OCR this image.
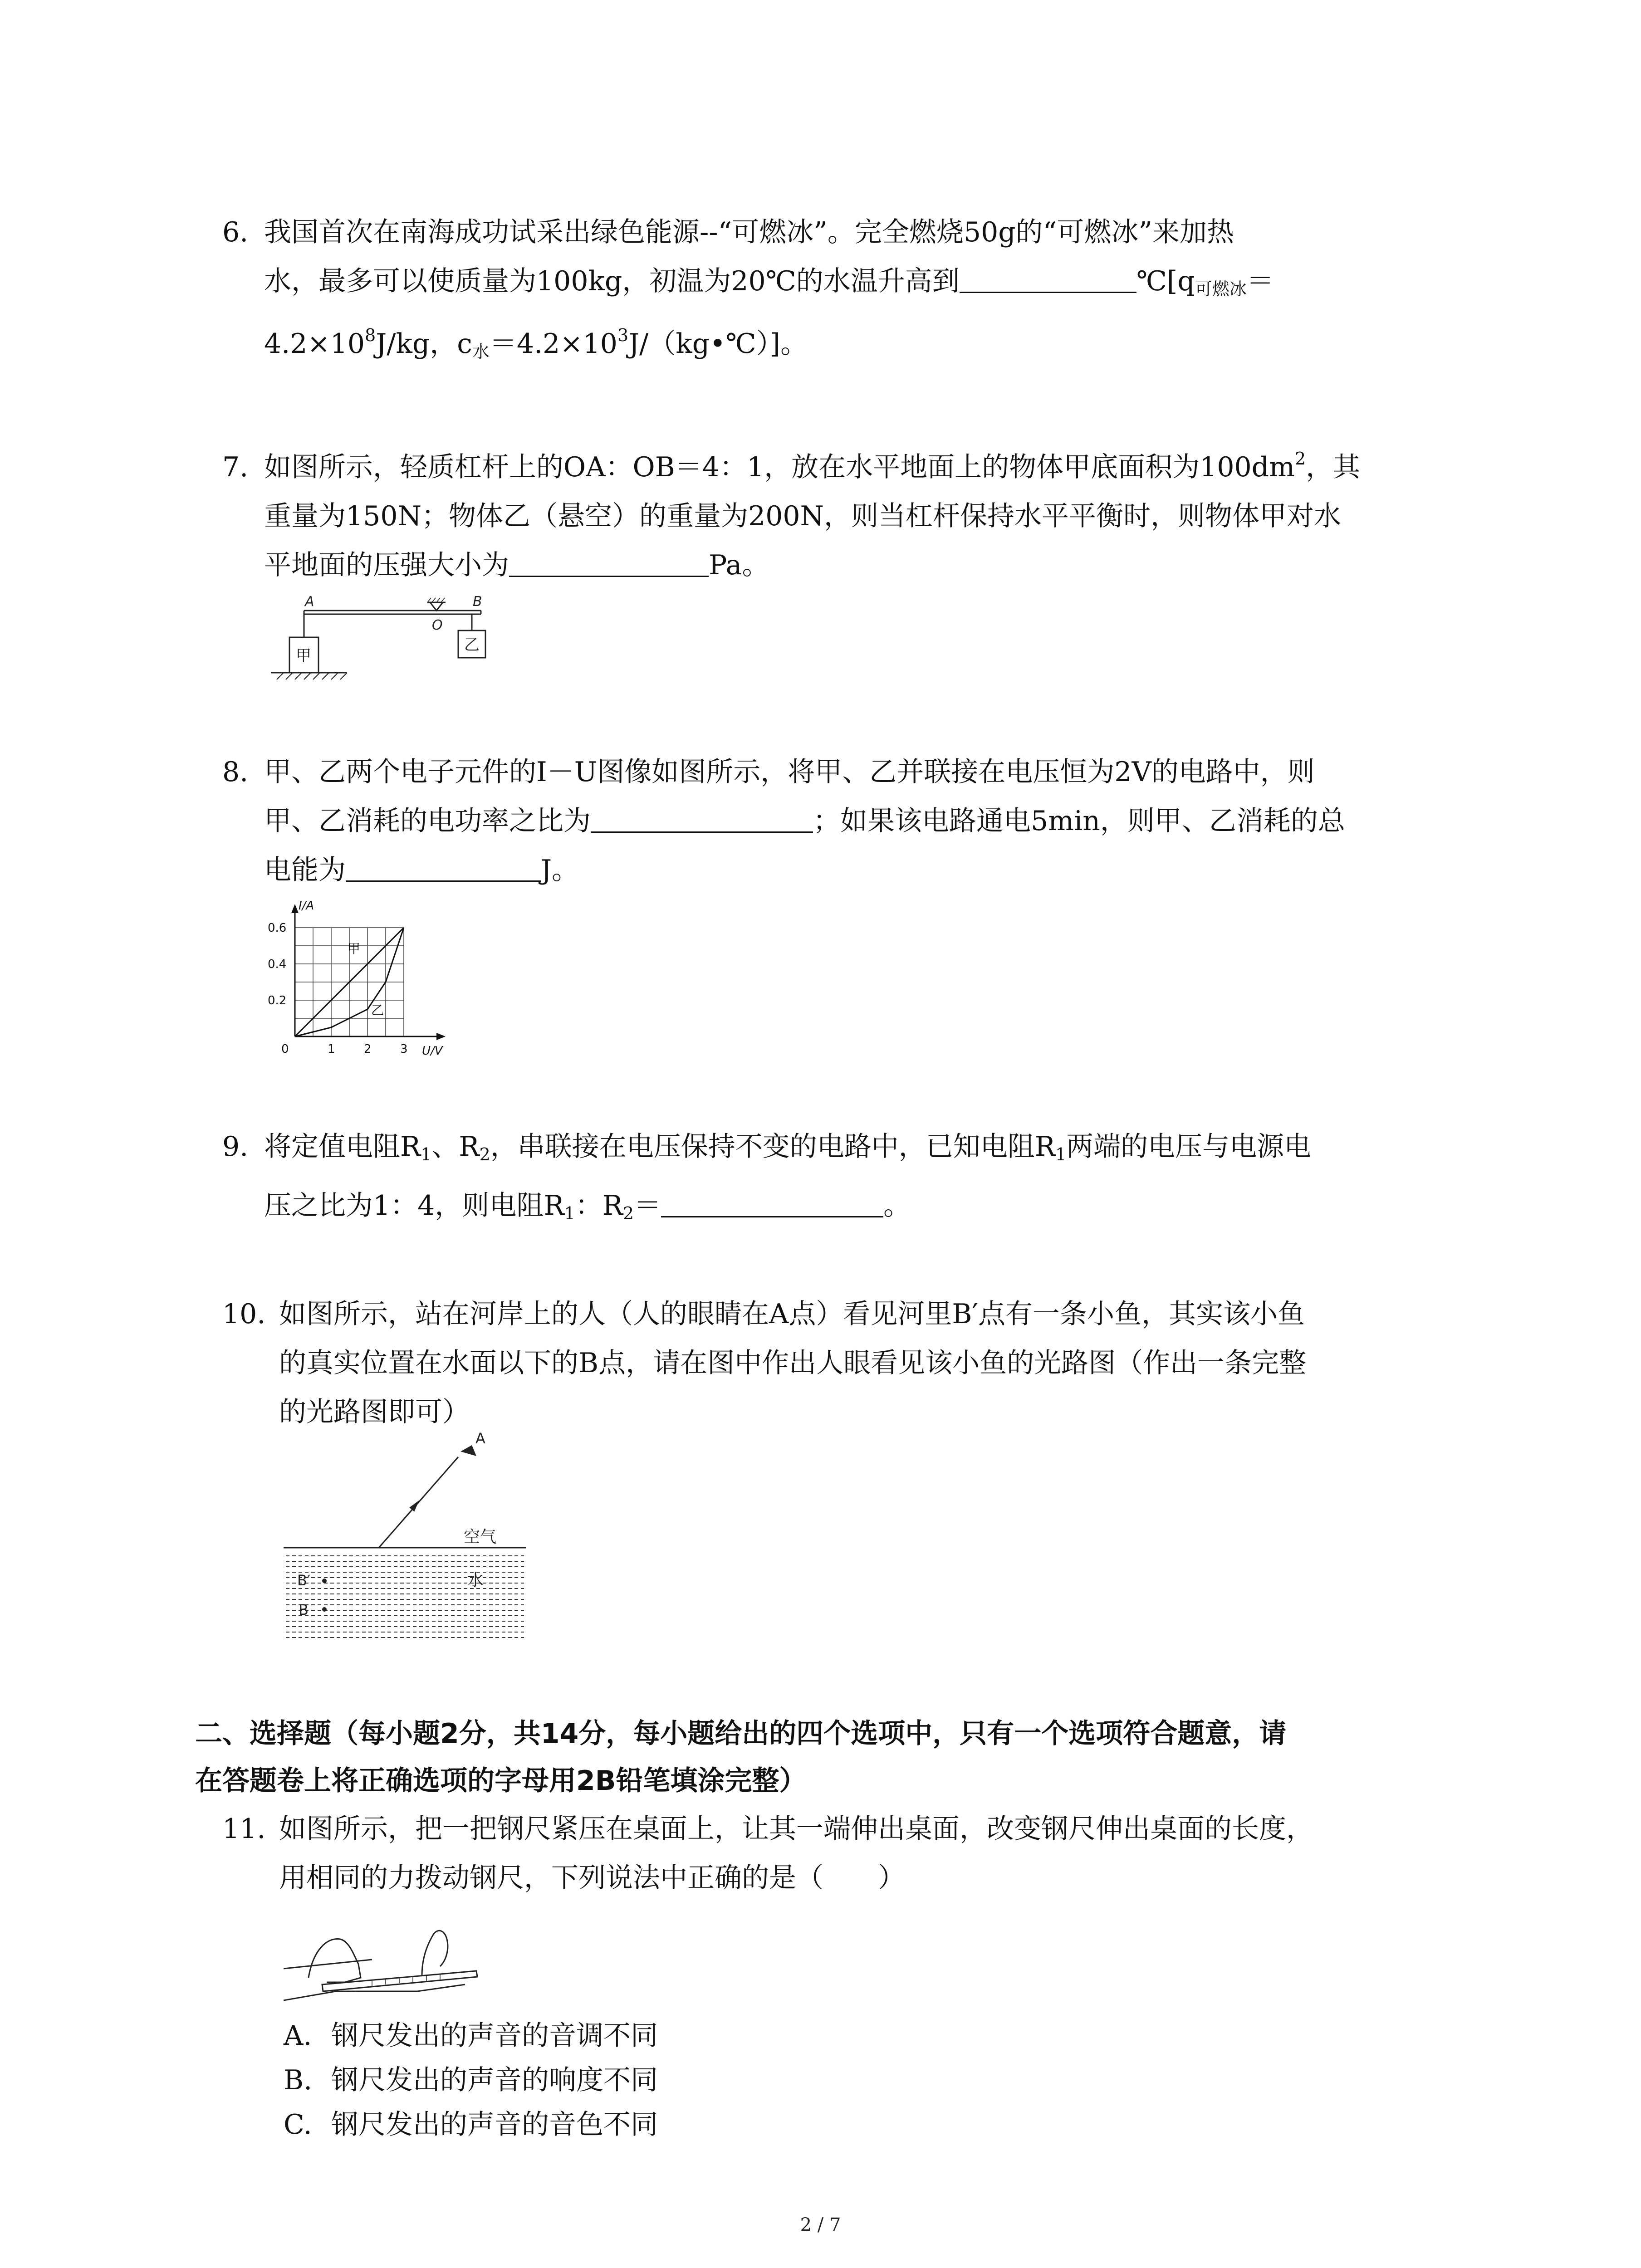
6. 我国首次在南海成功试采出绿色能源--“可燃冰”。完全燃烧50g的“可燃冰”来加热
水，最多可以使质量为100kg，初温为20℃的水温升高到	$℃[q_{可燃冰}=$
$4.2\times 10^8J/kg$，$c_水=4.2\times 10^3J/(kg•℃)$]。
7. 如图所示，轻质杠杆上的OA：OB＝4：1，放在水平地面上的物体甲底面积为$100dm^2$，其
重量为150N；物体乙（悬空）的重量为200N，则当杠杆保持水平平衡时，则物体甲对水
平地面的压强大小为	Pa。
A	B
O
甲
乙
8. 甲、乙两个电子元件的I－U图像如图所示，将甲、乙并联接在电压恒为2V的电路中，则
甲、乙消耗的电功率之比为	；如果该电路通电5min，则甲、乙消耗的总
电能为	J。
甲
乙
0.2
0.4
0.6
0	1 2 3
I/A
U/V
9. 将定值电阻$R_1$、$R_2$，串联接在电压保持不变的电路中，已知电阻$R_1$两端的电压与电源电
压之比为1：4，则电阻$R_1$：$R_2=$	。
10. 如图所示，站在河岸上的人（人的眼睛在A点）看见河里B′点有一条小鱼，其实该小鱼
的真实位置在水面以下的B点，请在图中作出人眼看见该小鱼的光路图（作出一条完整
的光路图即可）
A
空气
水
B′
B
二、选择题（每小题2分，共14分，每小题给出的四个选项中，只有一个选项符合题意，请
在答题卷上将正确选项的字母用2B铅笔填涂完整）
11. 如图所示，把一把钢尺紧压在桌面上，让其一端伸出桌面，改变钢尺伸出桌面的长度，
用相同的力拨动钢尺，下列说法中正确的是（　　）
A. 钢尺发出的声音的音调不同
B. 钢尺发出的声音的响度不同
C. 钢尺发出的声音的音色不同
2 / 7
